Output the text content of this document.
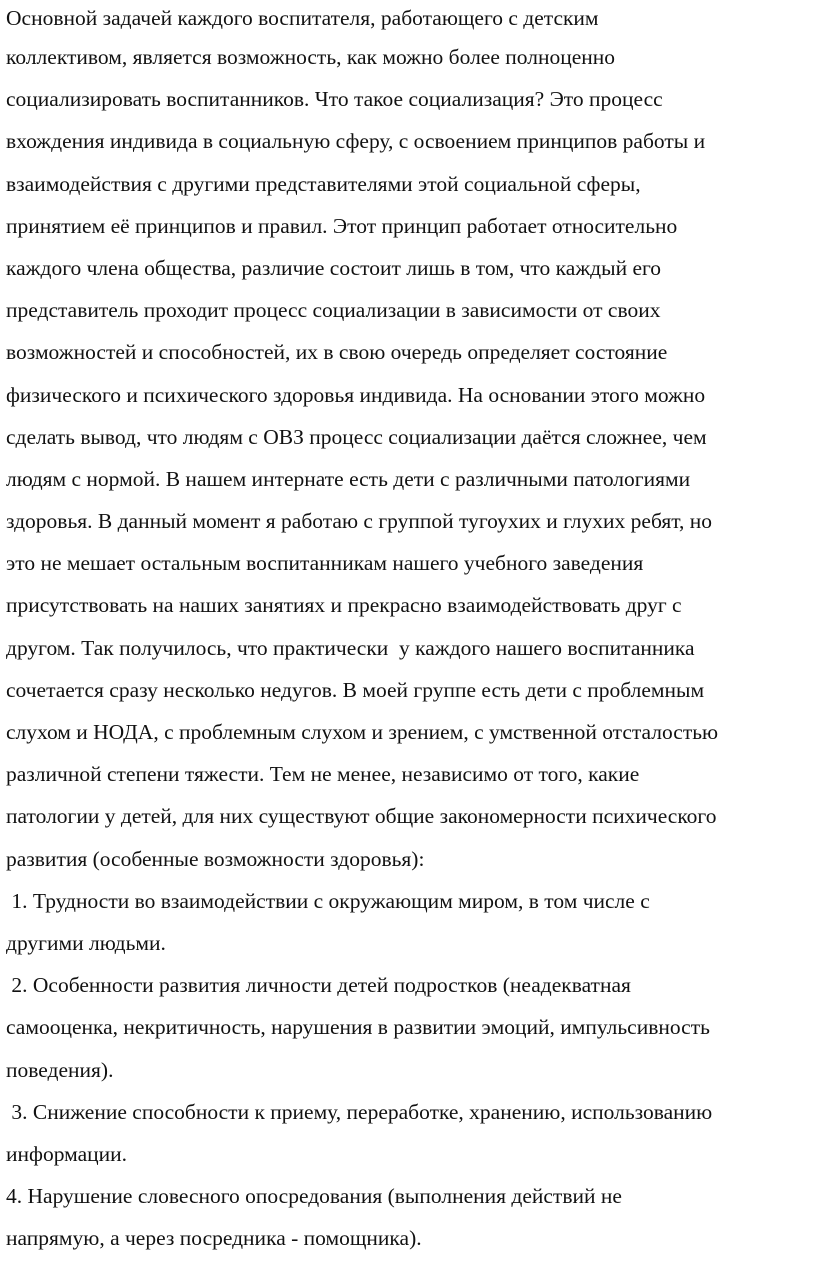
Основной задачей каждого воспитателя, работающего с детским
коллективом, является возможность, как можно более полноценно
социализировать воспитанников. Что такое социализация? Это процесс
вхождения индивида в социальную сферу, с освоением принципов работы и
взаимодействия с другими представителями этой социальной сферы,
принятием её принципов и правил. Этот принцип работает относительно
каждого члена общества, различие состоит лишь в том, что каждый его
представитель проходит процесс социализации в зависимости от своих
возможностей и способностей, их в свою очередь определяет состояние
физического и психического здоровья индивида. На основании этого можно
сделать вывод, что людям с ОВЗ процесс социализации даётся сложнее, чем
людям с нормой. В нашем интернате есть дети с различными патологиями
здоровья. В данный момент я работаю с группой тугоухих и глухих ребят, но
это не мешает остальным воспитанникам нашего учебного заведения
присутствовать на наших занятиях и прекрасно взаимодействовать друг с
другом. Так получилось, что практически  у каждого нашего воспитанника
сочетается сразу несколько недугов. В моей группе есть дети с проблемным
слухом и НОДА, с проблемным слухом и зрением, с умственной отсталостью
различной степени тяжести. Тем не менее, независимо от того, какие
патологии у детей, для них существуют общие закономерности психического
развития (особенные возможности здоровья):
1. Трудности во взаимодействии с окружающим миром, в том числе с
другими людьми.
2. Особенности развития личности детей подростков (неадекватная
самооценка, некритичность, нарушения в развитии эмоций, импульсивность
поведения).
3. Снижение способности к приему, переработке, хранению, использованию
информации.
4. Нарушение словесного опосредования (выполнения действий не
напрямую, а через посредника - помощника).
